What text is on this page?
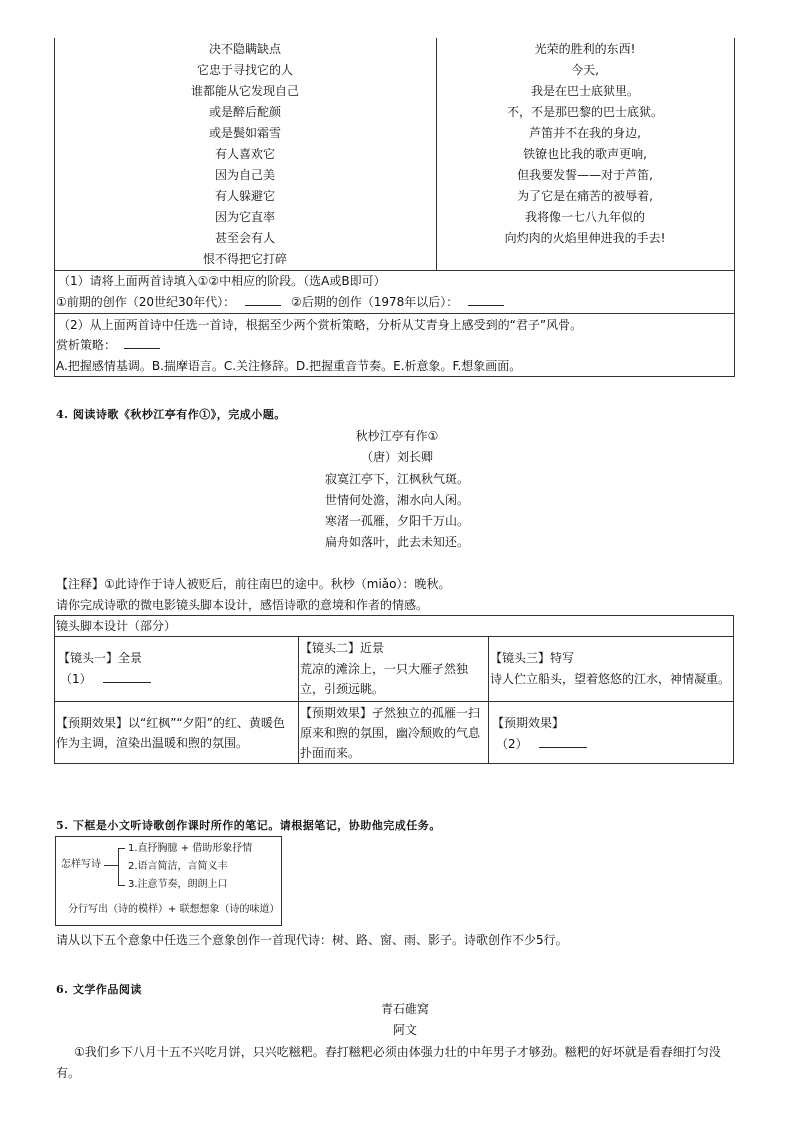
决不隐瞒缺点
它忠于寻找它的人
谁都能从它发现自己
或是醉后酡颜
或是鬓如霜雪
有人喜欢它
因为自己美
有人躲避它
因为它直率
甚至会有人
恨不得把它打碎
光荣的胜利的东西!
今天,
我是在巴士底狱里。
不，不是那巴黎的巴士底狱。
芦笛并不在我的身边,
铁镣也比我的歌声更响,
但我要发誓——对于芦笛,
为了它是在痛苦的被辱着,
我将像一七八九年似的
向灼肉的火焰里伸进我的手去!
（1）请将上面两首诗填入①②中相应的阶段。（选A或B即可）
①前期的创作（20世纪30年代）：	②后期的创作（1978年以后）：
（2）从上面两首诗中任选一首诗，根据至少两个赏析策略，分析从艾青身上感受到的“君子”风骨。
赏析策略：
A.把握感情基调。B.揣摩语言。C.关注修辞。D.把握重音节奏。E.析意象。F.想象画面。
4. 阅读诗歌《秋杪江亭有作①》，完成小题。
秋杪江亭有作①
（唐）刘长卿
寂寞江亭下，江枫秋气斑。
世情何处澹，湘水向人闲。
寒渚一孤雁，夕阳千万山。
扁舟如落叶，此去未知还。
【注释】①此诗作于诗人被贬后，前往南巴的途中。秋杪（miǎo）：晚秋。
请你完成诗歌的微电影镜头脚本设计，感悟诗歌的意境和作者的情感。
镜头脚本设计（部分）
【镜头一】全景
（1）
【镜头二】近景
荒凉的滩涂上，一只大雁孑然独立，引颈远眺。
【镜头三】特写
诗人伫立船头，望着悠悠的江水，神情凝重。
【预期效果】以“红枫”“夕阳”的红、黄暖色作为主调，渲染出温暖和煦的氛围。
【预期效果】孑然独立的孤雁一扫原来和煦的氛围，幽冷颓败的气息扑面而来。
【预期效果】
（2）
5. 下框是小文听诗歌创作课时所作的笔记。请根据笔记，协助他完成任务。
怎样写诗
1.直抒胸臆 + 借助形象抒情
2.语言简洁，言简义丰
3.注意节奏，朗朗上口
分行写出（诗的模样）+ 联想想象（诗的味道）
请从以下五个意象中任选三个意象创作一首现代诗：树、路、窗、雨、影子。诗歌创作不少5行。
6. 文学作品阅读
青石碓窝
阿文
①我们乡下八月十五不兴吃月饼，只兴吃糍粑。舂打糍粑必须由体强力壮的中年男子才够劲。糍粑的好坏就是看舂细打匀没
有。
